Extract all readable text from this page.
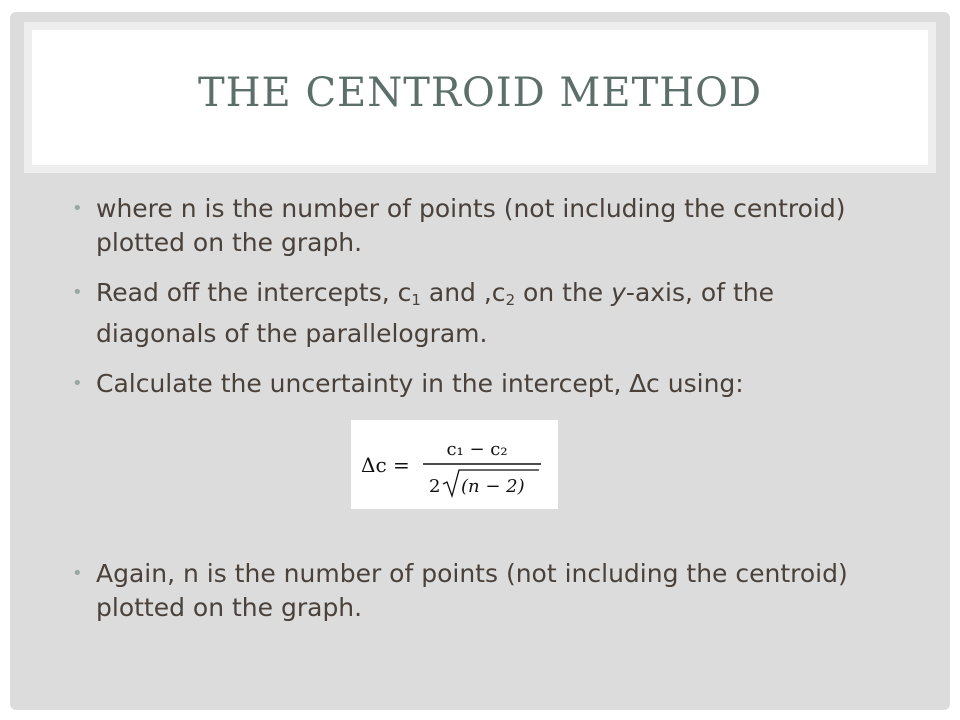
THE CENTROID METHOD
• where n is the number of points (not including the centroid) plotted on the graph.
• Read off the intercepts, $c_1$ and $,c_2$ on the y-axis, of the diagonals of the parallelogram.
• Calculate the uncertainty in the intercept, ∆c using:
Δc =
c₁ − c₂
2 (n − 2)
• Again, n is the number of points (not including the centroid) plotted on the graph.
